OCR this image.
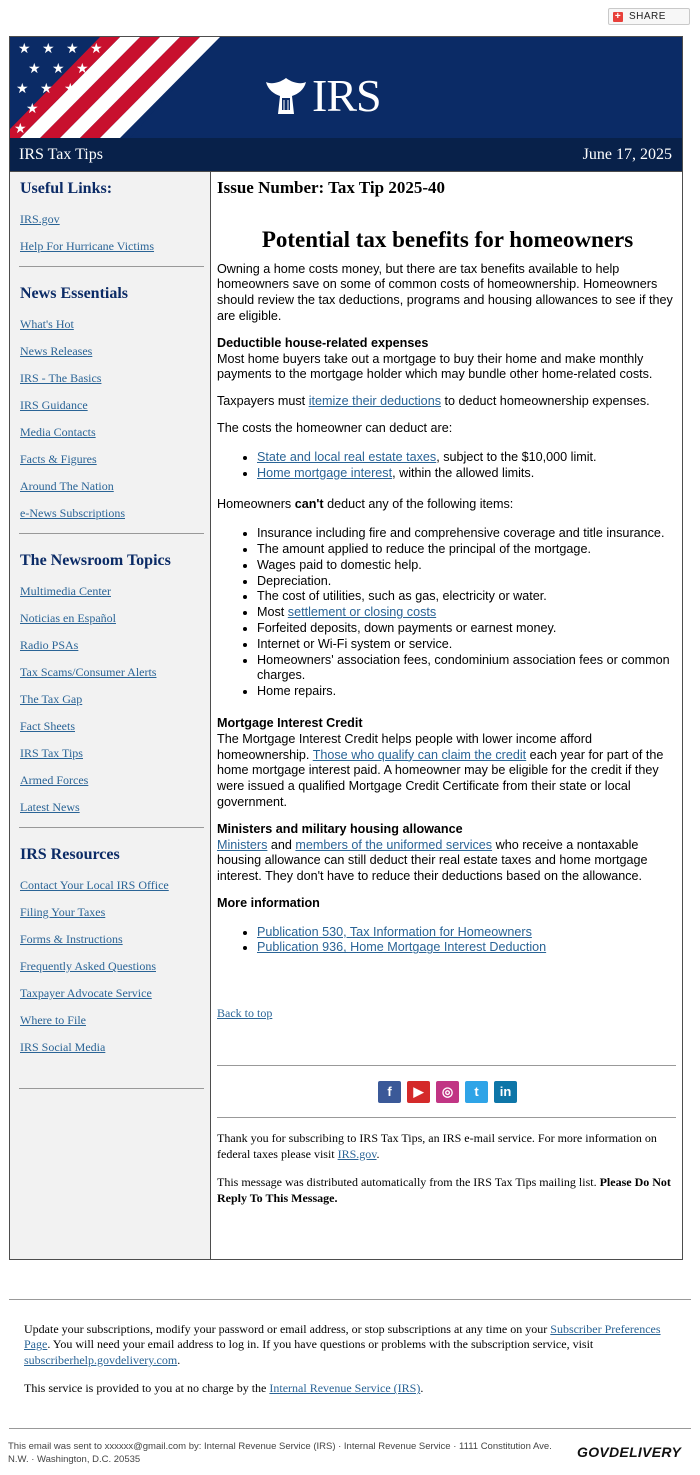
+ SHARE
★ ★ ★ ★
★ ★ ★
★ ★ ★
★ ★
★
IRS
IRS Tax Tips	June 17, 2025
Useful Links:
IRS.gov
Help For Hurricane Victims
News Essentials
What's Hot
News Releases
IRS - The Basics
IRS Guidance
Media Contacts
Facts & Figures
Around The Nation
e-News Subscriptions
The Newsroom Topics
Multimedia Center
Noticias en Español
Radio PSAs
Tax Scams/Consumer Alerts
The Tax Gap
Fact Sheets
IRS Tax Tips
Armed Forces
Latest News
IRS Resources
Contact Your Local IRS Office
Filing Your Taxes
Forms & Instructions
Frequently Asked Questions
Taxpayer Advocate Service
Where to File
IRS Social Media
Issue Number: Tax Tip 2025-40
Potential tax benefits for homeowners

Owning a home costs money, but there are tax benefits available to help homeowners save on some of common costs of homeownership. Homeowners should review the tax deductions, programs and housing allowances to see if they are eligible.

Deductible house-related expenses
Most home buyers take out a mortgage to buy their home and make monthly payments to the mortgage holder which may bundle other home-related costs.

Taxpayers must itemize their deductions to deduct homeownership expenses.

The costs the homeowner can deduct are:

• State and local real estate taxes, subject to the $10,000 limit.
• Home mortgage interest, within the allowed limits.

Homeowners can't deduct any of the following items:

• Insurance including fire and comprehensive coverage and title insurance.
• The amount applied to reduce the principal of the mortgage.
• Wages paid to domestic help.
• Depreciation.
• The cost of utilities, such as gas, electricity or water.
• Most settlement or closing costs
• Forfeited deposits, down payments or earnest money.
• Internet or Wi-Fi system or service.
• Homeowners' association fees, condominium association fees or common charges.
• Home repairs.

Mortgage Interest Credit
The Mortgage Interest Credit helps people with lower income afford homeownership. Those who qualify can claim the credit each year for part of the home mortgage interest paid. A homeowner may be eligible for the credit if they were issued a qualified Mortgage Credit Certificate from their state or local government.

Ministers and military housing allowance
Ministers and members of the uniformed services who receive a nontaxable housing allowance can still deduct their real estate taxes and home mortgage interest. They don't have to reduce their deductions based on the allowance.

More information

• Publication 530, Tax Information for Homeowners
• Publication 936, Home Mortgage Interest Deduction
Back to top
f	▶	◎	t	in

Thank you for subscribing to IRS Tax Tips, an IRS e-mail service. For more information on federal taxes please visit IRS.gov.

This message was distributed automatically from the IRS Tax Tips mailing list. Please Do Not Reply To This Message.

Update your subscriptions, modify your password or email address, or stop subscriptions at any time on your Subscriber Preferences Page. You will need your email address to log in. If you have questions or problems with the subscription service, visit subscriberhelp.govdelivery.com.

This service is provided to you at no charge by the Internal Revenue Service (IRS).

This email was sent to xxxxxx@gmail.com by: Internal Revenue Service (IRS) · Internal Revenue Service · 1111 Constitution Ave. N.W. · Washington, D.C. 20535	GOVDELIVERY
